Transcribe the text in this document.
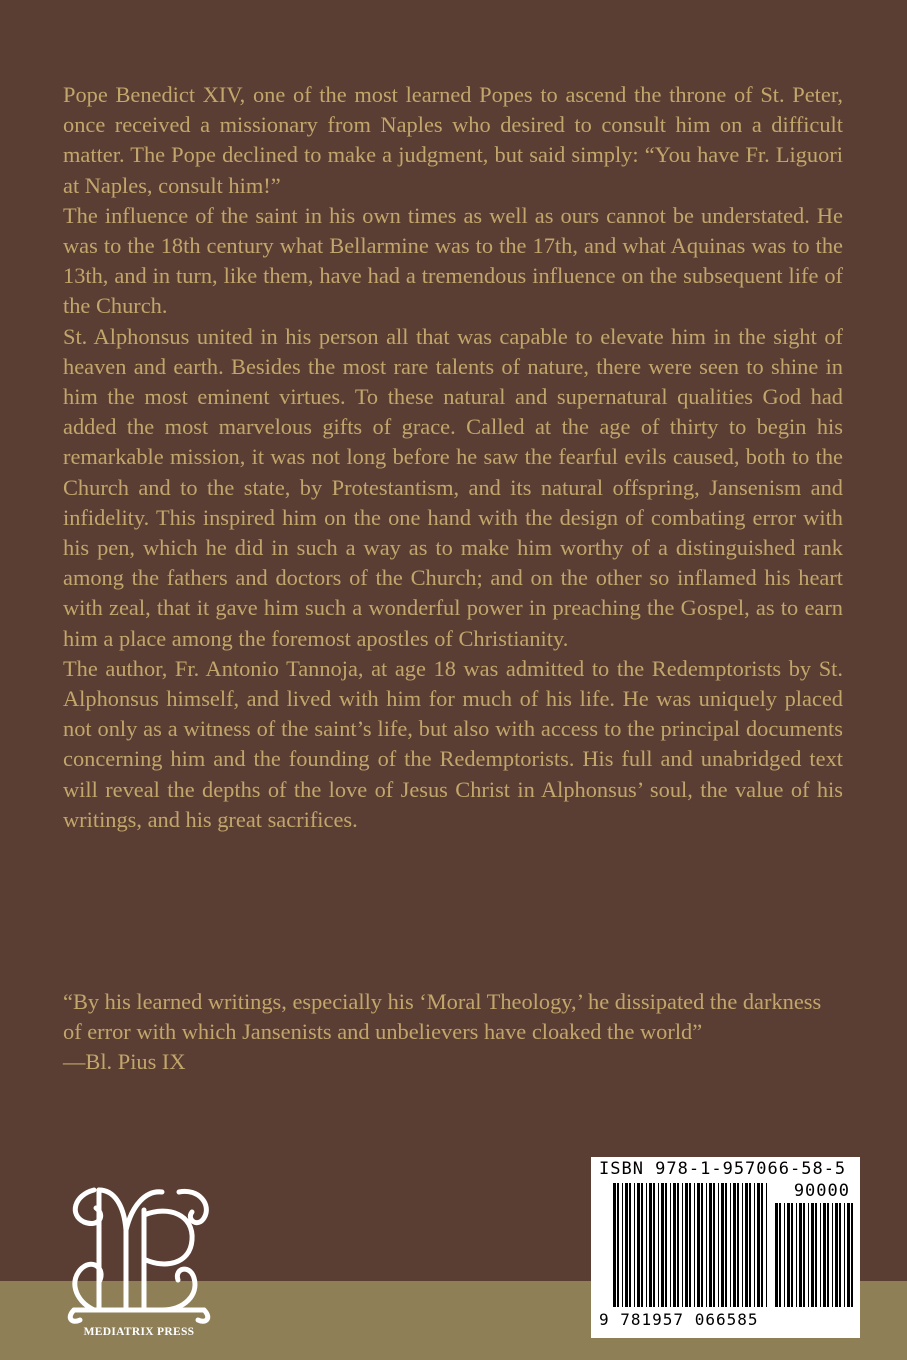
Pope Benedict XIV, one of the most learned Popes to ascend the throne of St. Peter, once received a missionary from Naples who desired to consult him on a difficult matter. The Pope declined to make a judgment, but said simply: “You have Fr. Liguori at Naples, consult him!”

The influence of the saint in his own times as well as ours cannot be understated. He was to the 18th century what Bellarmine was to the 17th, and what Aquinas was to the 13th, and in turn, like them, have had a tremendous influence on the subsequent life of the Church.

St. Alphonsus united in his person all that was capable to elevate him in the sight of heaven and earth. Besides the most rare talents of nature, there were seen to shine in him the most eminent virtues. To these natural and supernatural qualities God had added the most marvelous gifts of grace. Called at the age of thirty to begin his remarkable mission, it was not long before he saw the fearful evils caused, both to the Church and to the state, by Protestantism, and its natural offspring, Jansenism and infidelity. This inspired him on the one hand with the design of combating error with his pen, which he did in such a way as to make him worthy of a distinguished rank among the fathers and doctors of the Church; and on the other so inflamed his heart with zeal, that it gave him such a wonderful power in preaching the Gospel, as to earn him a place among the foremost apostles of Christianity.

The author, Fr. Antonio Tannoja, at age 18 was admitted to the Redemptorists by St. Alphonsus himself, and lived with him for much of his life. He was uniquely placed not only as a witness of the saint’s life, but also with access to the principal documents concerning him and the founding of the Redemptorists. His full and unabridged text will reveal the depths of the love of Jesus Christ in Alphonsus’ soul, the value of his writings, and his great sacrifices.

“By his learned writings, especially his ‘Moral Theology,’ he dissipated the darkness of error with which Jansenists and unbelievers have cloaked the world”

—Bl. Pius IX

MEDIATRIX PRESS
ISBN 978-1-957066-58-5
90000
9 781957 066585
